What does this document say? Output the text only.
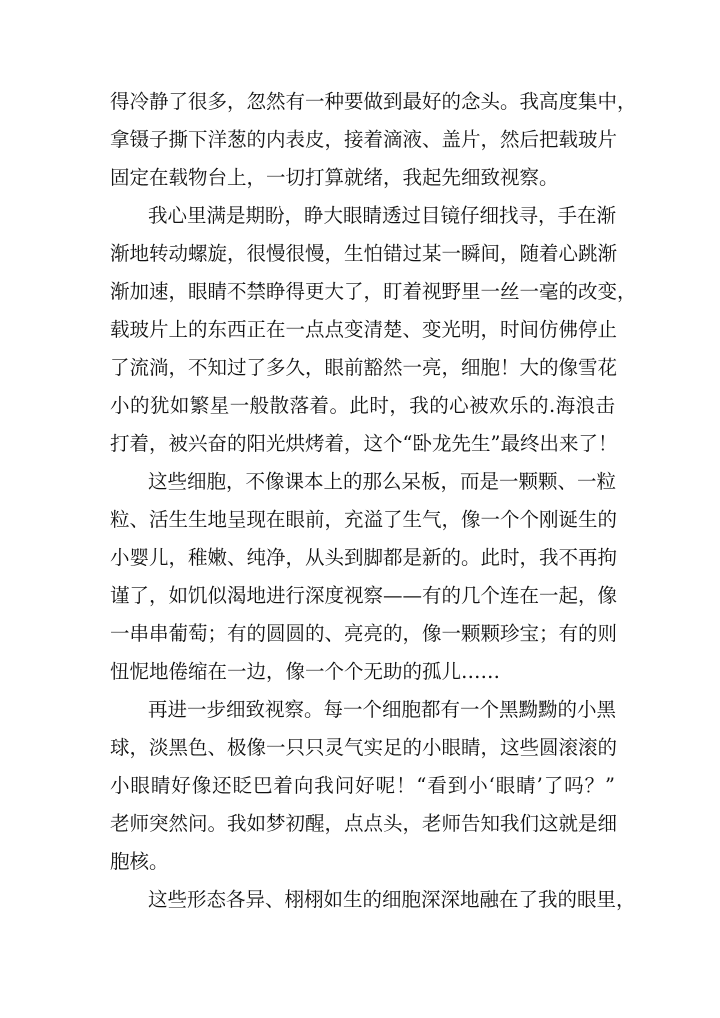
得冷静了很多，忽然有一种要做到最好的念头。我高度集中，
拿镊子撕下洋葱的内表皮，接着滴液、盖片，然后把载玻片
固定在载物台上，一切打算就绪，我起先细致视察。
我心里满是期盼，睁大眼睛透过目镜仔细找寻，手在渐
渐地转动螺旋，很慢很慢，生怕错过某一瞬间，随着心跳渐
渐加速，眼睛不禁睁得更大了，盯着视野里一丝一毫的改变，
载玻片上的东西正在一点点变清楚、变光明，时间仿佛停止
了流淌，不知过了多久，眼前豁然一亮，细胞！大的像雪花
小的犹如繁星一般散落着。此时，我的心被欢乐的.海浪击
打着，被兴奋的阳光烘烤着，这个“卧龙先生”最终出来了！
这些细胞，不像课本上的那么呆板，而是一颗颗、一粒
粒、活生生地呈现在眼前，充溢了生气，像一个个刚诞生的
小婴儿，稚嫩、纯净，从头到脚都是新的。此时，我不再拘
谨了，如饥似渴地进行深度视察——有的几个连在一起，像
一串串葡萄；有的圆圆的、亮亮的，像一颗颗珍宝；有的则
忸怩地倦缩在一边，像一个个无助的孤儿……
再进一步细致视察。每一个细胞都有一个黑黝黝的小黑
球，淡黑色、极像一只只灵气实足的小眼睛，这些圆滚滚的
小眼睛好像还眨巴着向我问好呢！“看到小‘眼睛’了吗？”
老师突然问。我如梦初醒，点点头，老师告知我们这就是细
胞核。
这些形态各异、栩栩如生的细胞深深地融在了我的眼里，
